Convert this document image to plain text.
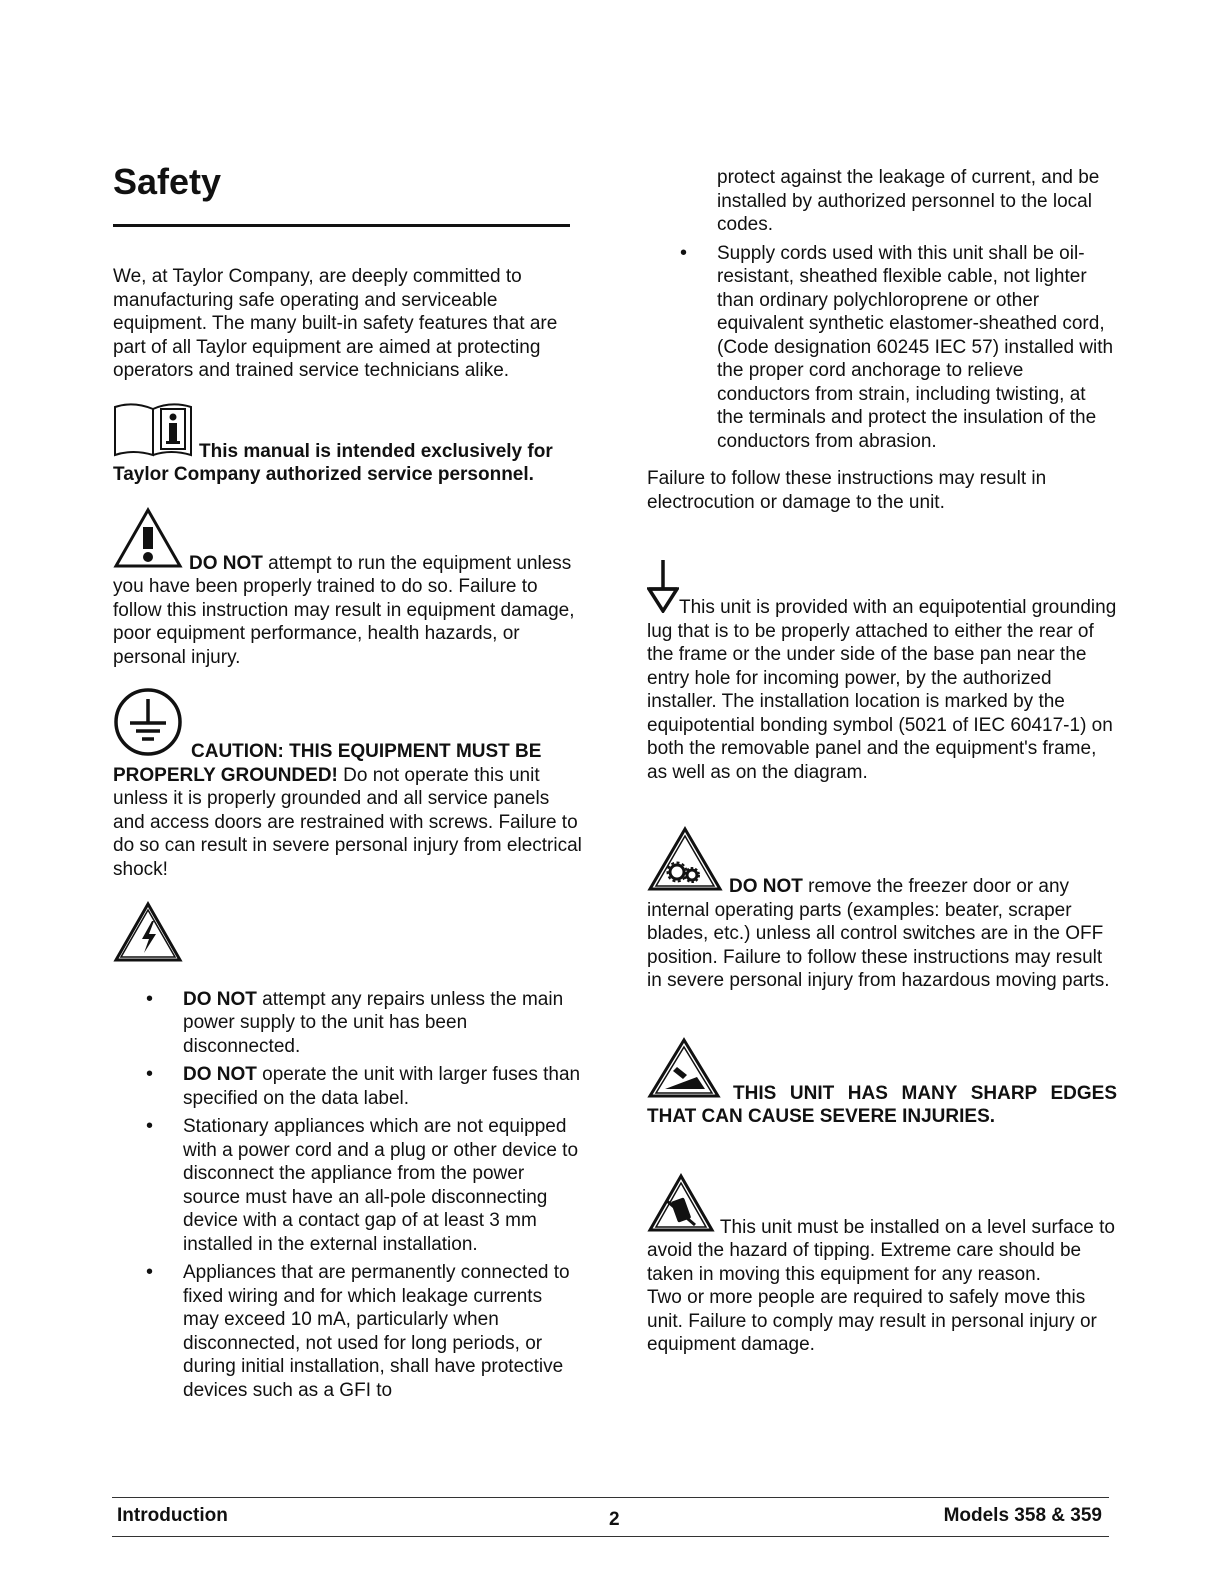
Safety

We, at Taylor Company, are deeply committed to manufacturing safe operating and serviceable equipment. The many built-in safety features that are part of all Taylor equipment are aimed at protecting operators and trained service technicians alike.

This manual is intended exclusively for Taylor Company authorized service personnel.

DO NOT attempt to run the equipment unless you have been properly trained to do so. Failure to follow this instruction may result in equipment damage, poor equipment performance, health hazards, or personal injury.

CAUTION: THIS EQUIPMENT MUST BE PROPERLY GROUNDED! Do not operate this unit unless it is properly grounded and all service panels and access doors are restrained with screws. Failure to do so can result in severe personal injury from electrical shock!

• DO NOT attempt any repairs unless the main power supply to the unit has been disconnected.
• DO NOT operate the unit with larger fuses than specified on the data label.
• Stationary appliances which are not equipped with a power cord and a plug or other device to disconnect the appliance from the power source must have an all-pole disconnecting device with a contact gap of at least 3 mm installed in the external installation.
• Appliances that are permanently connected to fixed wiring and for which leakage currents may exceed 10 mA, particularly when disconnected, not used for long periods, or during initial installation, shall have protective devices such as a GFI to

protect against the leakage of current, and be installed by authorized personnel to the local codes.

• Supply cords used with this unit shall be oil-resistant, sheathed flexible cable, not lighter than ordinary polychloroprene or other equivalent synthetic elastomer-sheathed cord, (Code designation 60245 IEC 57) installed with the proper cord anchorage to relieve conductors from strain, including twisting, at the terminals and protect the insulation of the conductors from abrasion.

Failure to follow these instructions may result in electrocution or damage to the unit.

This unit is provided with an equipotential grounding lug that is to be properly attached to either the rear of the frame or the under side of the base pan near the entry hole for incoming power, by the authorized installer. The installation location is marked by the equipotential bonding symbol (5021 of IEC 60417-1) on both the removable panel and the equipment's frame, as well as on the diagram.

DO NOT remove the freezer door or any internal operating parts (examples: beater, scraper blades, etc.) unless all control switches are in the OFF position. Failure to follow these instructions may result in severe personal injury from hazardous moving parts.

THIS UNIT HAS MANY SHARP EDGES THAT CAN CAUSE SEVERE INJURIES.

This unit must be installed on a level surface to avoid the hazard of tipping. Extreme care should be taken in moving this equipment for any reason.

Two or more people are required to safely move this unit. Failure to comply may result in personal injury or equipment damage.

Introduction	2	Models 358 & 359
